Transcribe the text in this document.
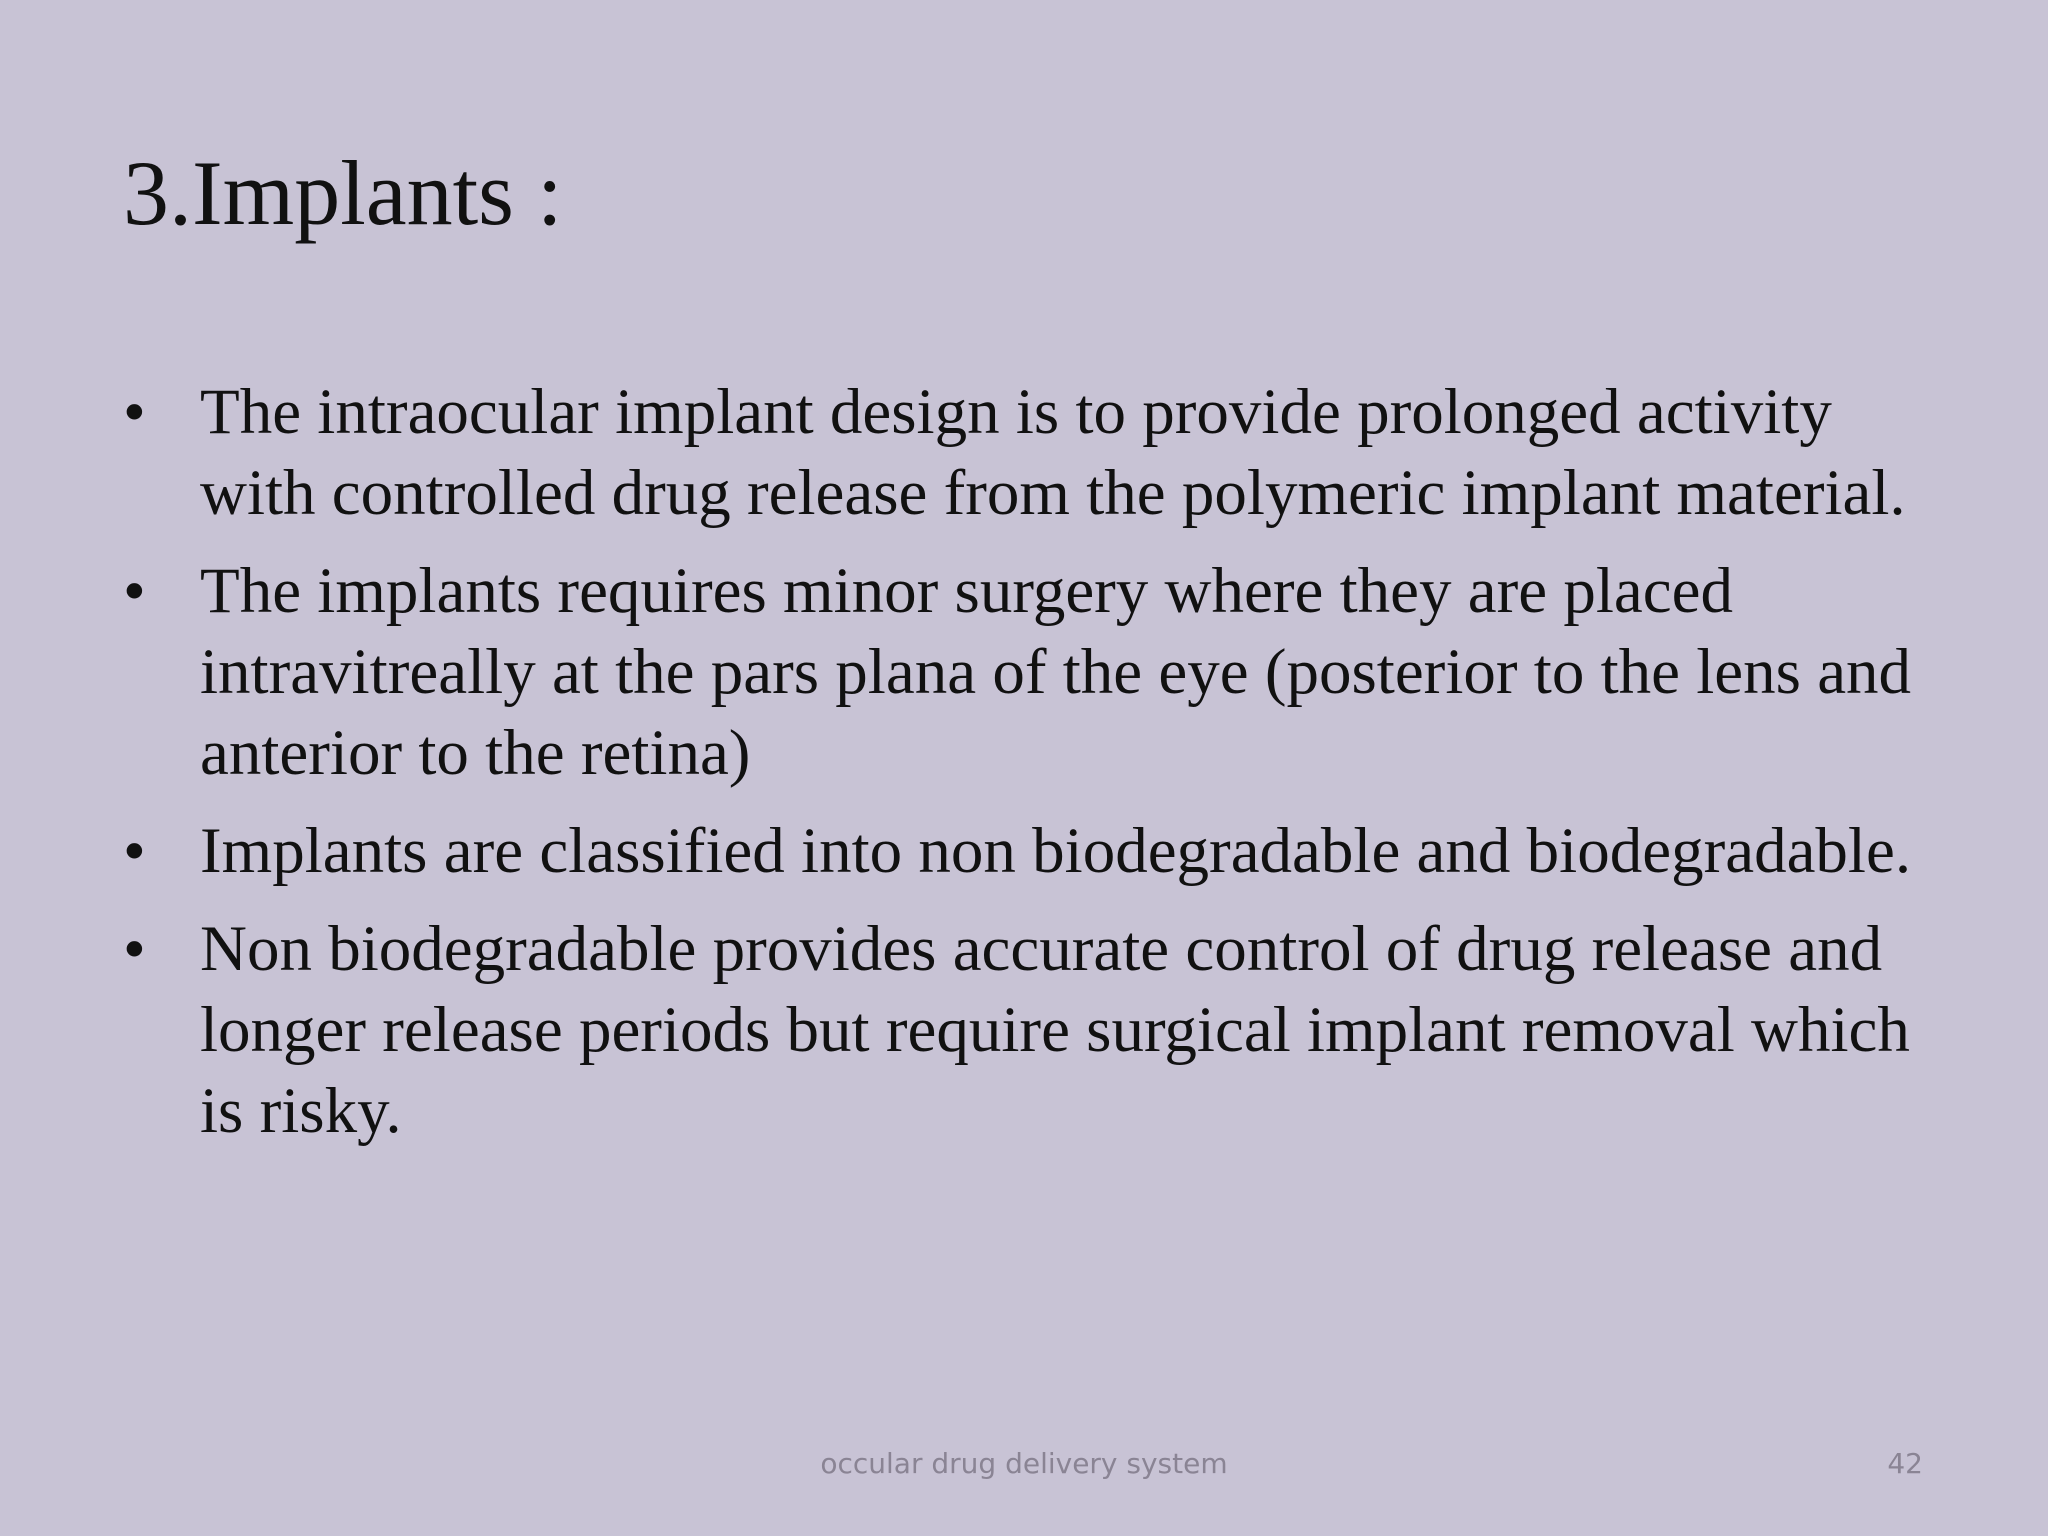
3.Implants :
• The intraocular implant design is to provide prolonged activity with controlled drug release from the polymeric implant material.
• The implants requires minor surgery where they are placed intravitreally at the pars plana of the eye (posterior to the lens and anterior to the retina)
• Implants are classified into non biodegradable and biodegradable.
• Non biodegradable provides accurate control of drug release and longer release periods but require surgical implant removal which is risky.
occular drug delivery system	42
